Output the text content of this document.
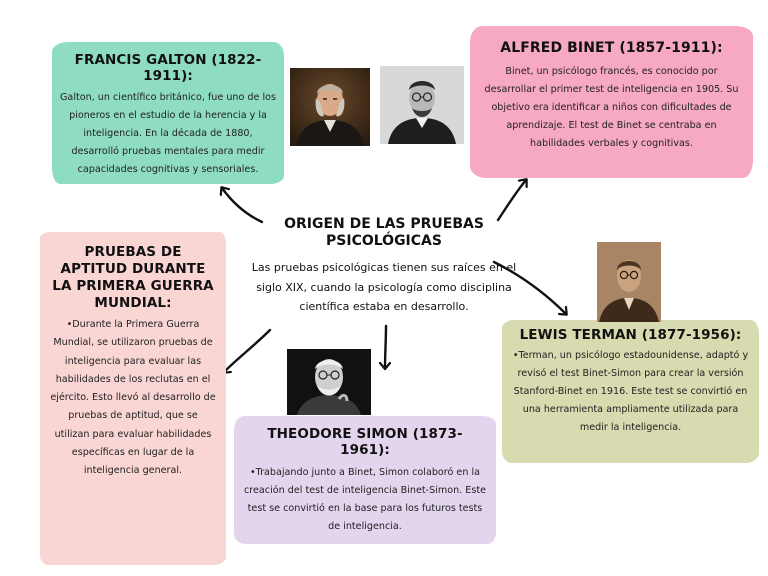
ORIGEN DE LAS PRUEBAS PSICOLÓGICAS
Las pruebas psicológicas tienen sus raíces en el siglo XIX, cuando la psicología como disciplina científica estaba en desarrollo.
FRANCIS GALTON (1822-1911):

Galton, un científico británico, fue uno de los pioneros en el estudio de la herencia y la inteligencia. En la década de 1880, desarrolló pruebas mentales para medir capacidades cognitivas y sensoriales.

ALFRED BINET (1857-1911):

Binet, un psicólogo francés, es conocido por desarrollar el primer test de inteligencia en 1905. Su objetivo era identificar a niños con dificultades de aprendizaje. El test de Binet se centraba en habilidades verbales y cognitivas.

PRUEBAS DE APTITUD DURANTE LA PRIMERA GUERRA MUNDIAL:

•Durante la Primera Guerra Mundial, se utilizaron pruebas de inteligencia para evaluar las habilidades de los reclutas en el ejército. Esto llevó al desarrollo de pruebas de aptitud, que se utilizan para evaluar habilidades específicas en lugar de la inteligencia general.

LEWIS TERMAN (1877-1956):

•Terman, un psicólogo estadounidense, adaptó y revisó el test Binet-Simon para crear la versión Stanford-Binet en 1916. Este test se convirtió en una herramienta ampliamente utilizada para medir la inteligencia.

THEODORE SIMON (1873-1961):

•Trabajando junto a Binet, Simon colaboró en la creación del test de inteligencia Binet-Simon. Este test se convirtió en la base para los futuros tests de inteligencia.
